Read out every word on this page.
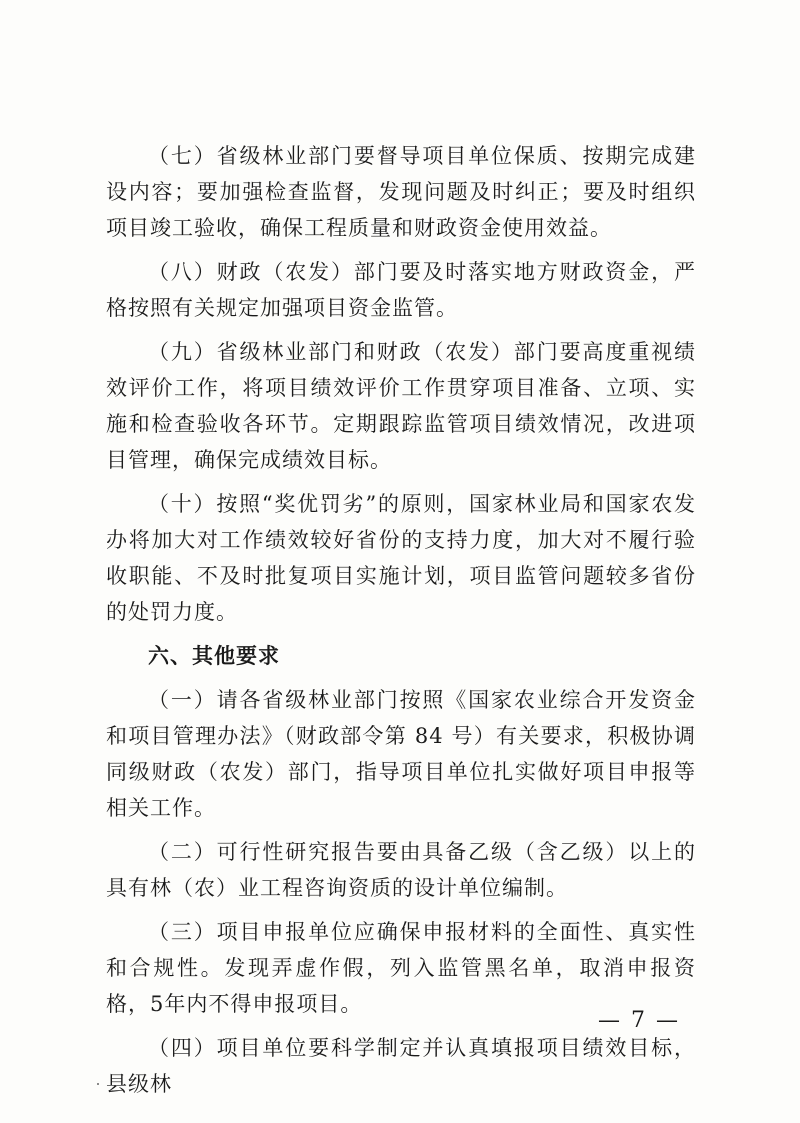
（七）省级林业部门要督导项目单位保质、按期完成建设内容；要加强检查监督，发现问题及时纠正；要及时组织项目竣工验收，确保工程质量和财政资金使用效益。

（八）财政（农发）部门要及时落实地方财政资金，严格按照有关规定加强项目资金监管。

（九）省级林业部门和财政（农发）部门要高度重视绩效评价工作，将项目绩效评价工作贯穿项目准备、立项、实施和检查验收各环节。定期跟踪监管项目绩效情况，改进项目管理，确保完成绩效目标。

（十）按照“奖优罚劣”的原则，国家林业局和国家农发办将加大对工作绩效较好省份的支持力度，加大对不履行验收职能、不及时批复项目实施计划，项目监管问题较多省份的处罚力度。

六、其他要求

（一）请各省级林业部门按照《国家农业综合开发资金和项目管理办法》（财政部令第 84 号）有关要求，积极协调同级财政（农发）部门，指导项目单位扎实做好项目申报等相关工作。

（二）可行性研究报告要由具备乙级（含乙级）以上的具有林（农）业工程咨询资质的设计单位编制。

（三）项目申报单位应确保申报材料的全面性、真实性和合规性。发现弄虚作假，列入监管黑名单，取消申报资格，5年内不得申报项目。

（四）项目单位要科学制定并认真填报项目绩效目标，县级林

— 7 —
